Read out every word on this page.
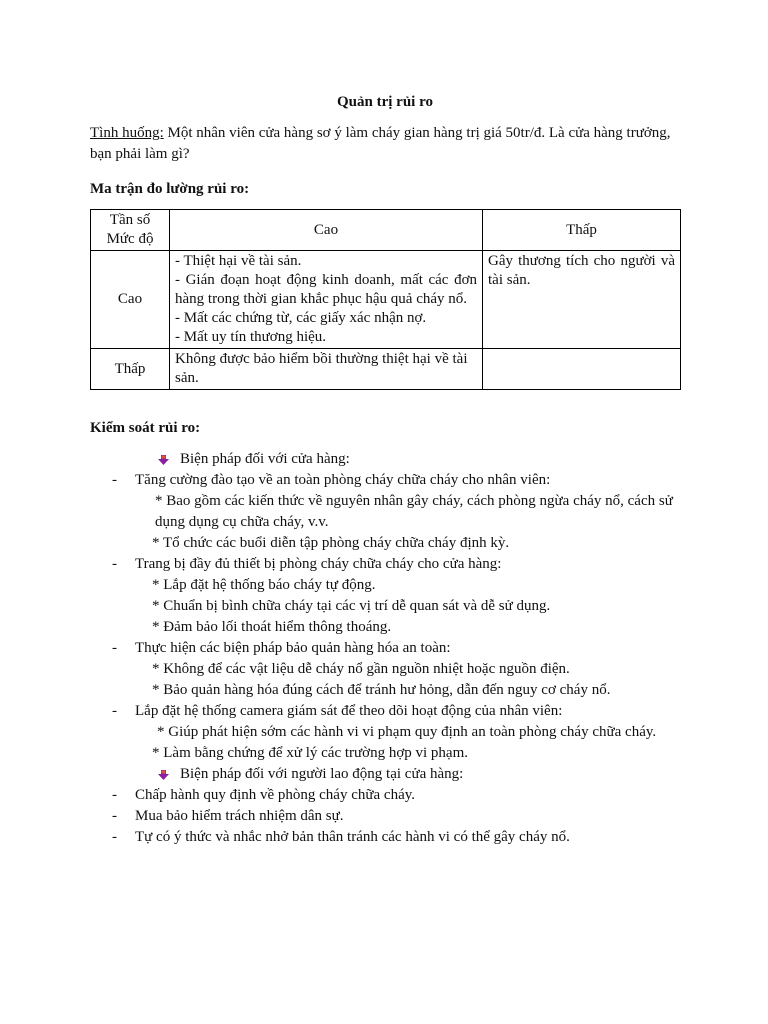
Quản trị rủi ro
Tình huống: Một nhân viên cửa hàng sơ ý làm cháy gian hàng trị giá 50tr/đ. Là cửa hàng trưởng, bạn phải làm gì?
Ma trận đo lường rủi ro:
Tần số
Mức độ	Cao	Thấp
Cao	- Thiệt hại về tài sản.
- Gián đoạn hoạt động kinh doanh, mất các đơn hàng trong thời gian khắc phục hậu quả cháy nổ.
- Mất các chứng từ, các giấy xác nhận nợ.
- Mất uy tín thương hiệu.	Gây thương tích cho người và tài sản.
Thấp	Không được bảo hiểm bồi thường thiệt hại về tài sản.	
Kiểm soát rủi ro:
Biện pháp đối với cửa hàng:
- Tăng cường đào tạo về an toàn phòng cháy chữa cháy cho nhân viên:
* Bao gồm các kiến thức về nguyên nhân gây cháy, cách phòng ngừa cháy nổ, cách sử dụng dụng cụ chữa cháy, v.v.
* Tổ chức các buổi diễn tập phòng cháy chữa cháy định kỳ.
- Trang bị đầy đủ thiết bị phòng cháy chữa cháy cho cửa hàng:
* Lắp đặt hệ thống báo cháy tự động.
* Chuẩn bị bình chữa cháy tại các vị trí dễ quan sát và dễ sử dụng.
* Đảm bảo lối thoát hiểm thông thoáng.
- Thực hiện các biện pháp bảo quản hàng hóa an toàn:
* Không để các vật liệu dễ cháy nổ gần nguồn nhiệt hoặc nguồn điện.
* Bảo quản hàng hóa đúng cách để tránh hư hỏng, dẫn đến nguy cơ cháy nổ.
- Lắp đặt hệ thống camera giám sát để theo dõi hoạt động của nhân viên:
* Giúp phát hiện sớm các hành vi vi phạm quy định an toàn phòng cháy chữa cháy.
* Làm bằng chứng để xử lý các trường hợp vi phạm.
Biện pháp đối với người lao động tại cửa hàng:
- Chấp hành quy định về phòng cháy chữa cháy.
- Mua bảo hiểm trách nhiệm dân sự.
- Tự có ý thức và nhắc nhở bản thân tránh các hành vi có thể gây cháy nổ.
